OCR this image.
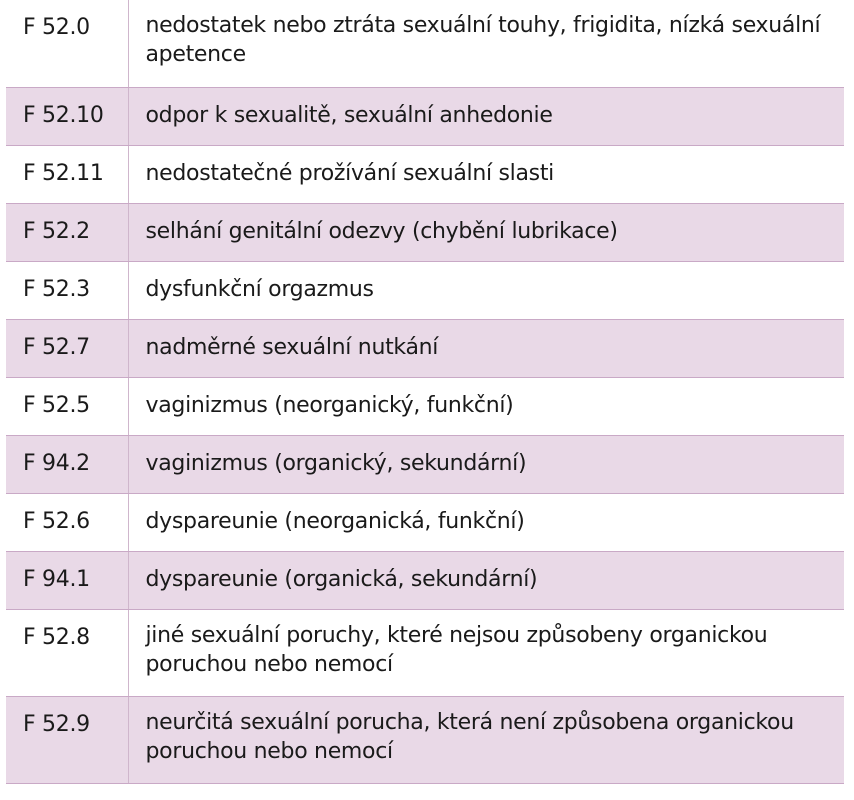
F 52.0	nedostatek nebo ztráta sexuální touhy, frigidita, nízká sexuální apetence

F 52.10	odpor k sexualitě, sexuální anhedonie

F 52.11	nedostatečné prožívání sexuální slasti

F 52.2	selhání genitální odezvy (chybění lubrikace)

F 52.3	dysfunkční orgazmus

F 52.7	nadměrné sexuální nutkání

F 52.5	vaginizmus (neorganický, funkční)

F 94.2	vaginizmus (organický, sekundární)

F 52.6	dyspareunie (neorganická, funkční)

F 94.1	dyspareunie (organická, sekundární)

F 52.8	jiné sexuální poruchy, které nejsou způsobeny organickou poruchou nebo nemocí

F 52.9	neurčitá sexuální porucha, která není způsobena organickou poruchou nebo nemocí
